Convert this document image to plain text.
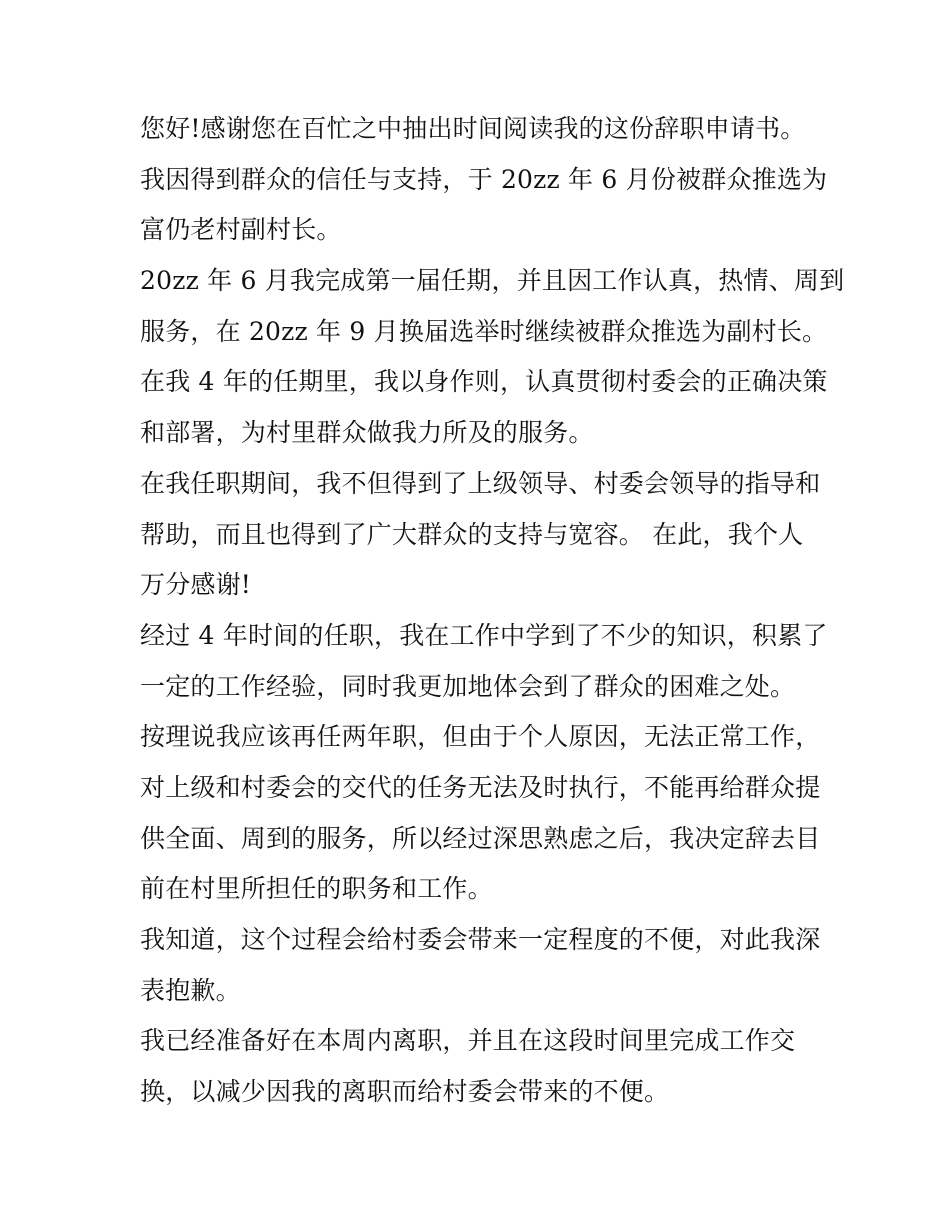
您好!感谢您在百忙之中抽出时间阅读我的这份辞职申请书。
我因得到群众的信任与支持，于 20zz 年 6 月份被群众推选为
富仍老村副村长。
20zz 年 6 月我完成第一届任期，并且因工作认真，热情、周到
服务，在 20zz 年 9 月换届选举时继续被群众推选为副村长。
在我 4 年的任期里，我以身作则，认真贯彻村委会的正确决策
和部署，为村里群众做我力所及的服务。
在我任职期间，我不但得到了上级领导、村委会领导的指导和
帮助，而且也得到了广大群众的支持与宽容。 在此，我个人
万分感谢!
经过 4 年时间的任职，我在工作中学到了不少的知识，积累了
一定的工作经验，同时我更加地体会到了群众的困难之处。
按理说我应该再任两年职，但由于个人原因，无法正常工作，
对上级和村委会的交代的任务无法及时执行，不能再给群众提
供全面、周到的服务，所以经过深思熟虑之后，我决定辞去目
前在村里所担任的职务和工作。
我知道，这个过程会给村委会带来一定程度的不便，对此我深
表抱歉。
我已经准备好在本周内离职，并且在这段时间里完成工作交
换，以减少因我的离职而给村委会带来的不便。
